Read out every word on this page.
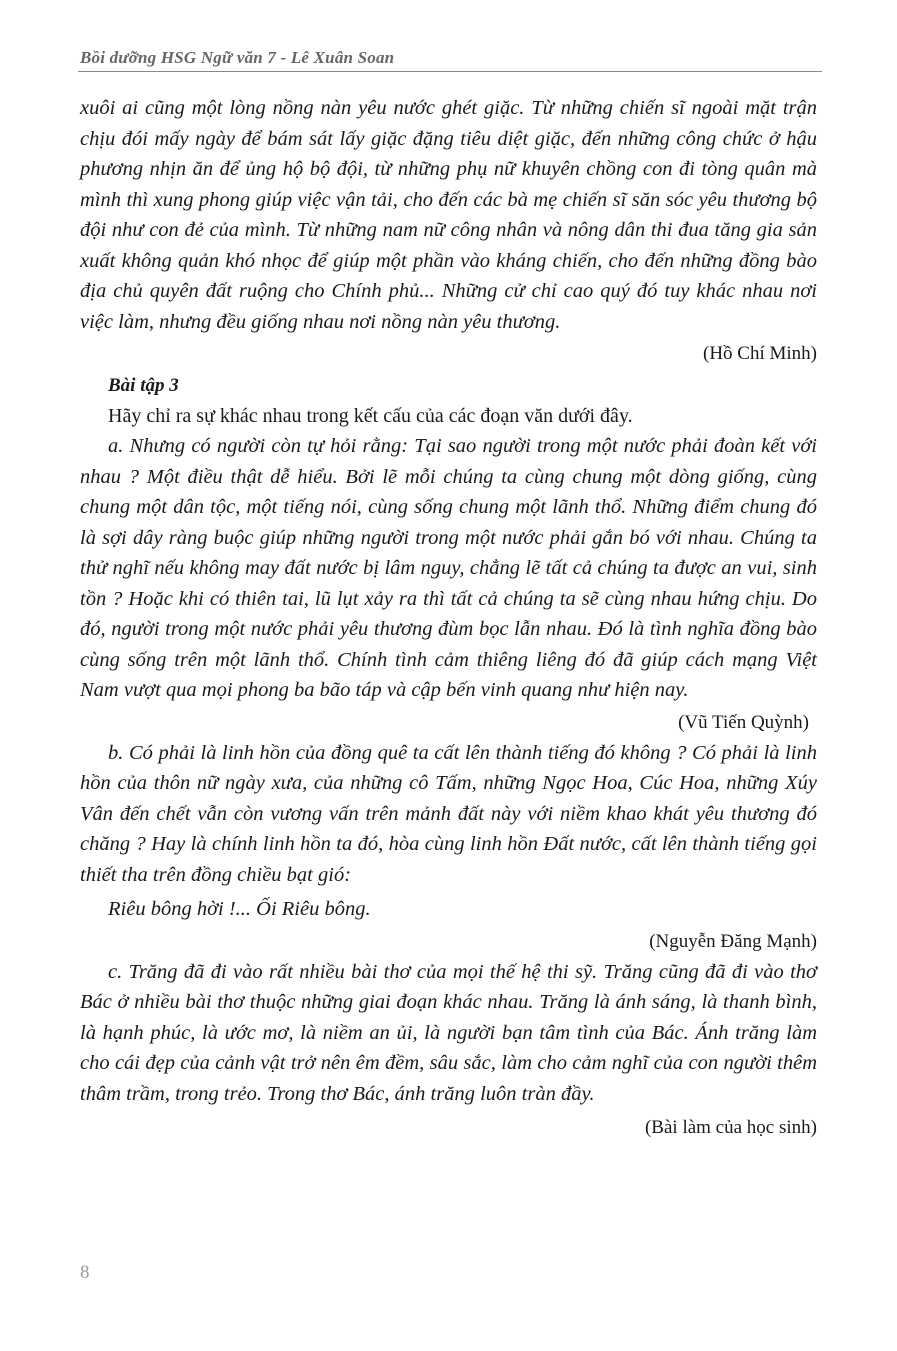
Bồi dưỡng HSG Ngữ văn 7 - Lê Xuân Soan

xuôi ai cũng một lòng nồng nàn yêu nước ghét giặc. Từ những chiến sĩ ngoài mặt trận chịu đói mấy ngày để bám sát lấy giặc đặng tiêu diệt giặc, đến những công chức ở hậu phương nhịn ăn để ủng hộ bộ đội, từ những phụ nữ khuyên chồng con đi tòng quân mà mình thì xung phong giúp việc vận tải, cho đến các bà mẹ chiến sĩ săn sóc yêu thương bộ đội như con đẻ của mình. Từ những nam nữ công nhân và nông dân thi đua tăng gia sản xuất không quản khó nhọc để giúp một phần vào kháng chiến, cho đến những đồng bào địa chủ quyên đất ruộng cho Chính phủ... Những cử chỉ cao quý đó tuy khác nhau nơi việc làm, nhưng đều giống nhau nơi nồng nàn yêu thương.

(Hồ Chí Minh)

Bài tập 3

Hãy chỉ ra sự khác nhau trong kết cấu của các đoạn văn dưới đây.

a. Nhưng có người còn tự hỏi rằng: Tại sao người trong một nước phải đoàn kết với nhau ? Một điều thật dễ hiểu. Bởi lẽ mỗi chúng ta cùng chung một dòng giống, cùng chung một dân tộc, một tiếng nói, cùng sống chung một lãnh thổ. Những điểm chung đó là sợi dây ràng buộc giúp những người trong một nước phải gắn bó với nhau. Chúng ta thử nghĩ nếu không may đất nước bị lâm nguy, chẳng lẽ tất cả chúng ta được an vui, sinh tồn ? Hoặc khi có thiên tai, lũ lụt xảy ra thì tất cả chúng ta sẽ cùng nhau hứng chịu. Do đó, người trong một nước phải yêu thương đùm bọc lẫn nhau. Đó là tình nghĩa đồng bào cùng sống trên một lãnh thổ. Chính tình cảm thiêng liêng đó đã giúp cách mạng Việt Nam vượt qua mọi phong ba bão táp và cập bến vinh quang như hiện nay.

(Vũ Tiến Quỳnh)

b. Có phải là linh hồn của đồng quê ta cất lên thành tiếng đó không ? Có phải là linh hồn của thôn nữ ngày xưa, của những cô Tấm, những Ngọc Hoa, Cúc Hoa, những Xúy Vân đến chết vẫn còn vương vấn trên mảnh đất này với niềm khao khát yêu thương đó chăng ? Hay là chính linh hồn ta đó, hòa cùng linh hồn Đất nước, cất lên thành tiếng gọi thiết tha trên đồng chiều bạt gió:

Riêu bông hời !... Ối Riêu bông.

(Nguyễn Đăng Mạnh)

c. Trăng đã đi vào rất nhiều bài thơ của mọi thế hệ thi sỹ. Trăng cũng đã đi vào thơ Bác ở nhiều bài thơ thuộc những giai đoạn khác nhau. Trăng là ánh sáng, là thanh bình, là hạnh phúc, là ước mơ, là niềm an ủi, là người bạn tâm tình của Bác. Ánh trăng làm cho cái đẹp của cảnh vật trở nên êm đềm, sâu sắc, làm cho cảm nghĩ của con người thêm thâm trầm, trong trẻo. Trong thơ Bác, ánh trăng luôn tràn đầy.

(Bài làm của học sinh)

8
